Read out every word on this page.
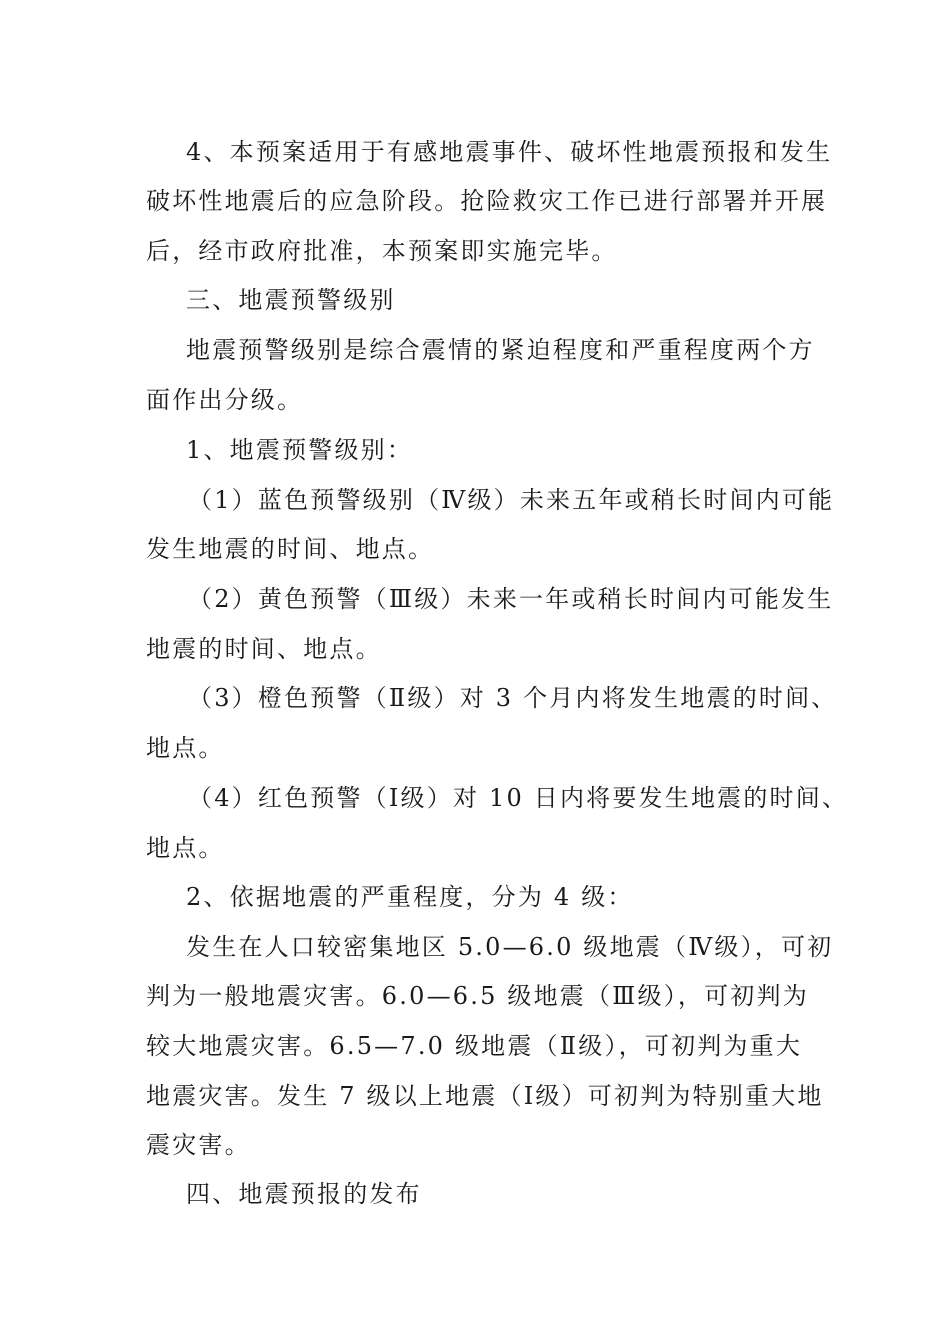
4、本预案适用于有感地震事件、破坏性地震预报和发生

破坏性地震后的应急阶段。抢险救灾工作已进行部署并开展

后，经市政府批准，本预案即实施完毕。

三、地震预警级别

地震预警级别是综合震情的紧迫程度和严重程度两个方

面作出分级。

1、地震预警级别：

（1）蓝色预警级别（Ⅳ级）未来五年或稍长时间内可能

发生地震的时间、地点。

（2）黄色预警（Ⅲ级）未来一年或稍长时间内可能发生

地震的时间、地点。

（3）橙色预警（Ⅱ级）对 3 个月内将发生地震的时间、

地点。

（4）红色预警（Ⅰ级）对 10 日内将要发生地震的时间、

地点。

2、依据地震的严重程度，分为 4 级：

发生在人口较密集地区 5.0—6.0 级地震（Ⅳ级），可初

判为一般地震灾害。6.0—6.5 级地震（Ⅲ级），可初判为

较大地震灾害。6.5—7.0 级地震（Ⅱ级），可初判为重大

地震灾害。发生 7 级以上地震（Ⅰ级）可初判为特别重大地

震灾害。

四、地震预报的发布
